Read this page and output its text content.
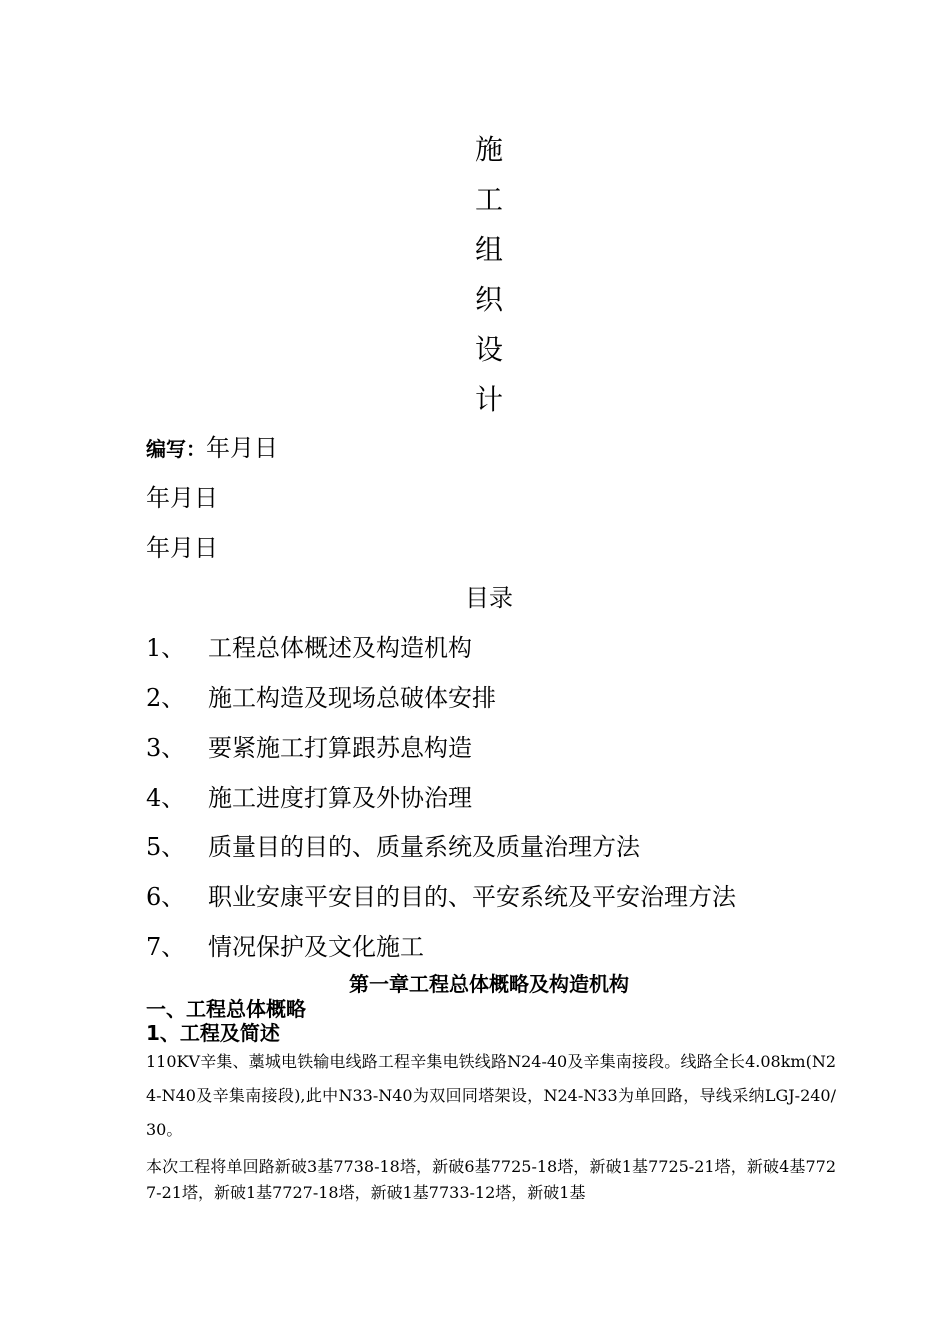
施
工
组
织
设
计
编写：年月日
年月日
年月日
目录
1、 工程总体概述及构造机构
2、 施工构造及现场总破体安排
3、 要紧施工打算跟苏息构造
4、 施工进度打算及外协治理
5、 质量目的目的、质量系统及质量治理方法
6、 职业安康平安目的目的、平安系统及平安治理方法
7、 情况保护及文化施工
第一章工程总体概略及构造机构
一、工程总体概略
1、工程及简述
110KV辛集、藁城电铁输电线路工程辛集电铁线路N24-40及辛集南接段。线路全长4.08km(N24-N40及辛集南接段),此中N33-N40为双回同塔架设，N24-N33为单回路，导线采纳LGJ-240/30。
本次工程将单回路新破3基7738-18塔，新破6基7725-18塔，新破1基7725-21塔，新破4基7727-21塔，新破1基7727-18塔，新破1基7733-12塔，新破1基
